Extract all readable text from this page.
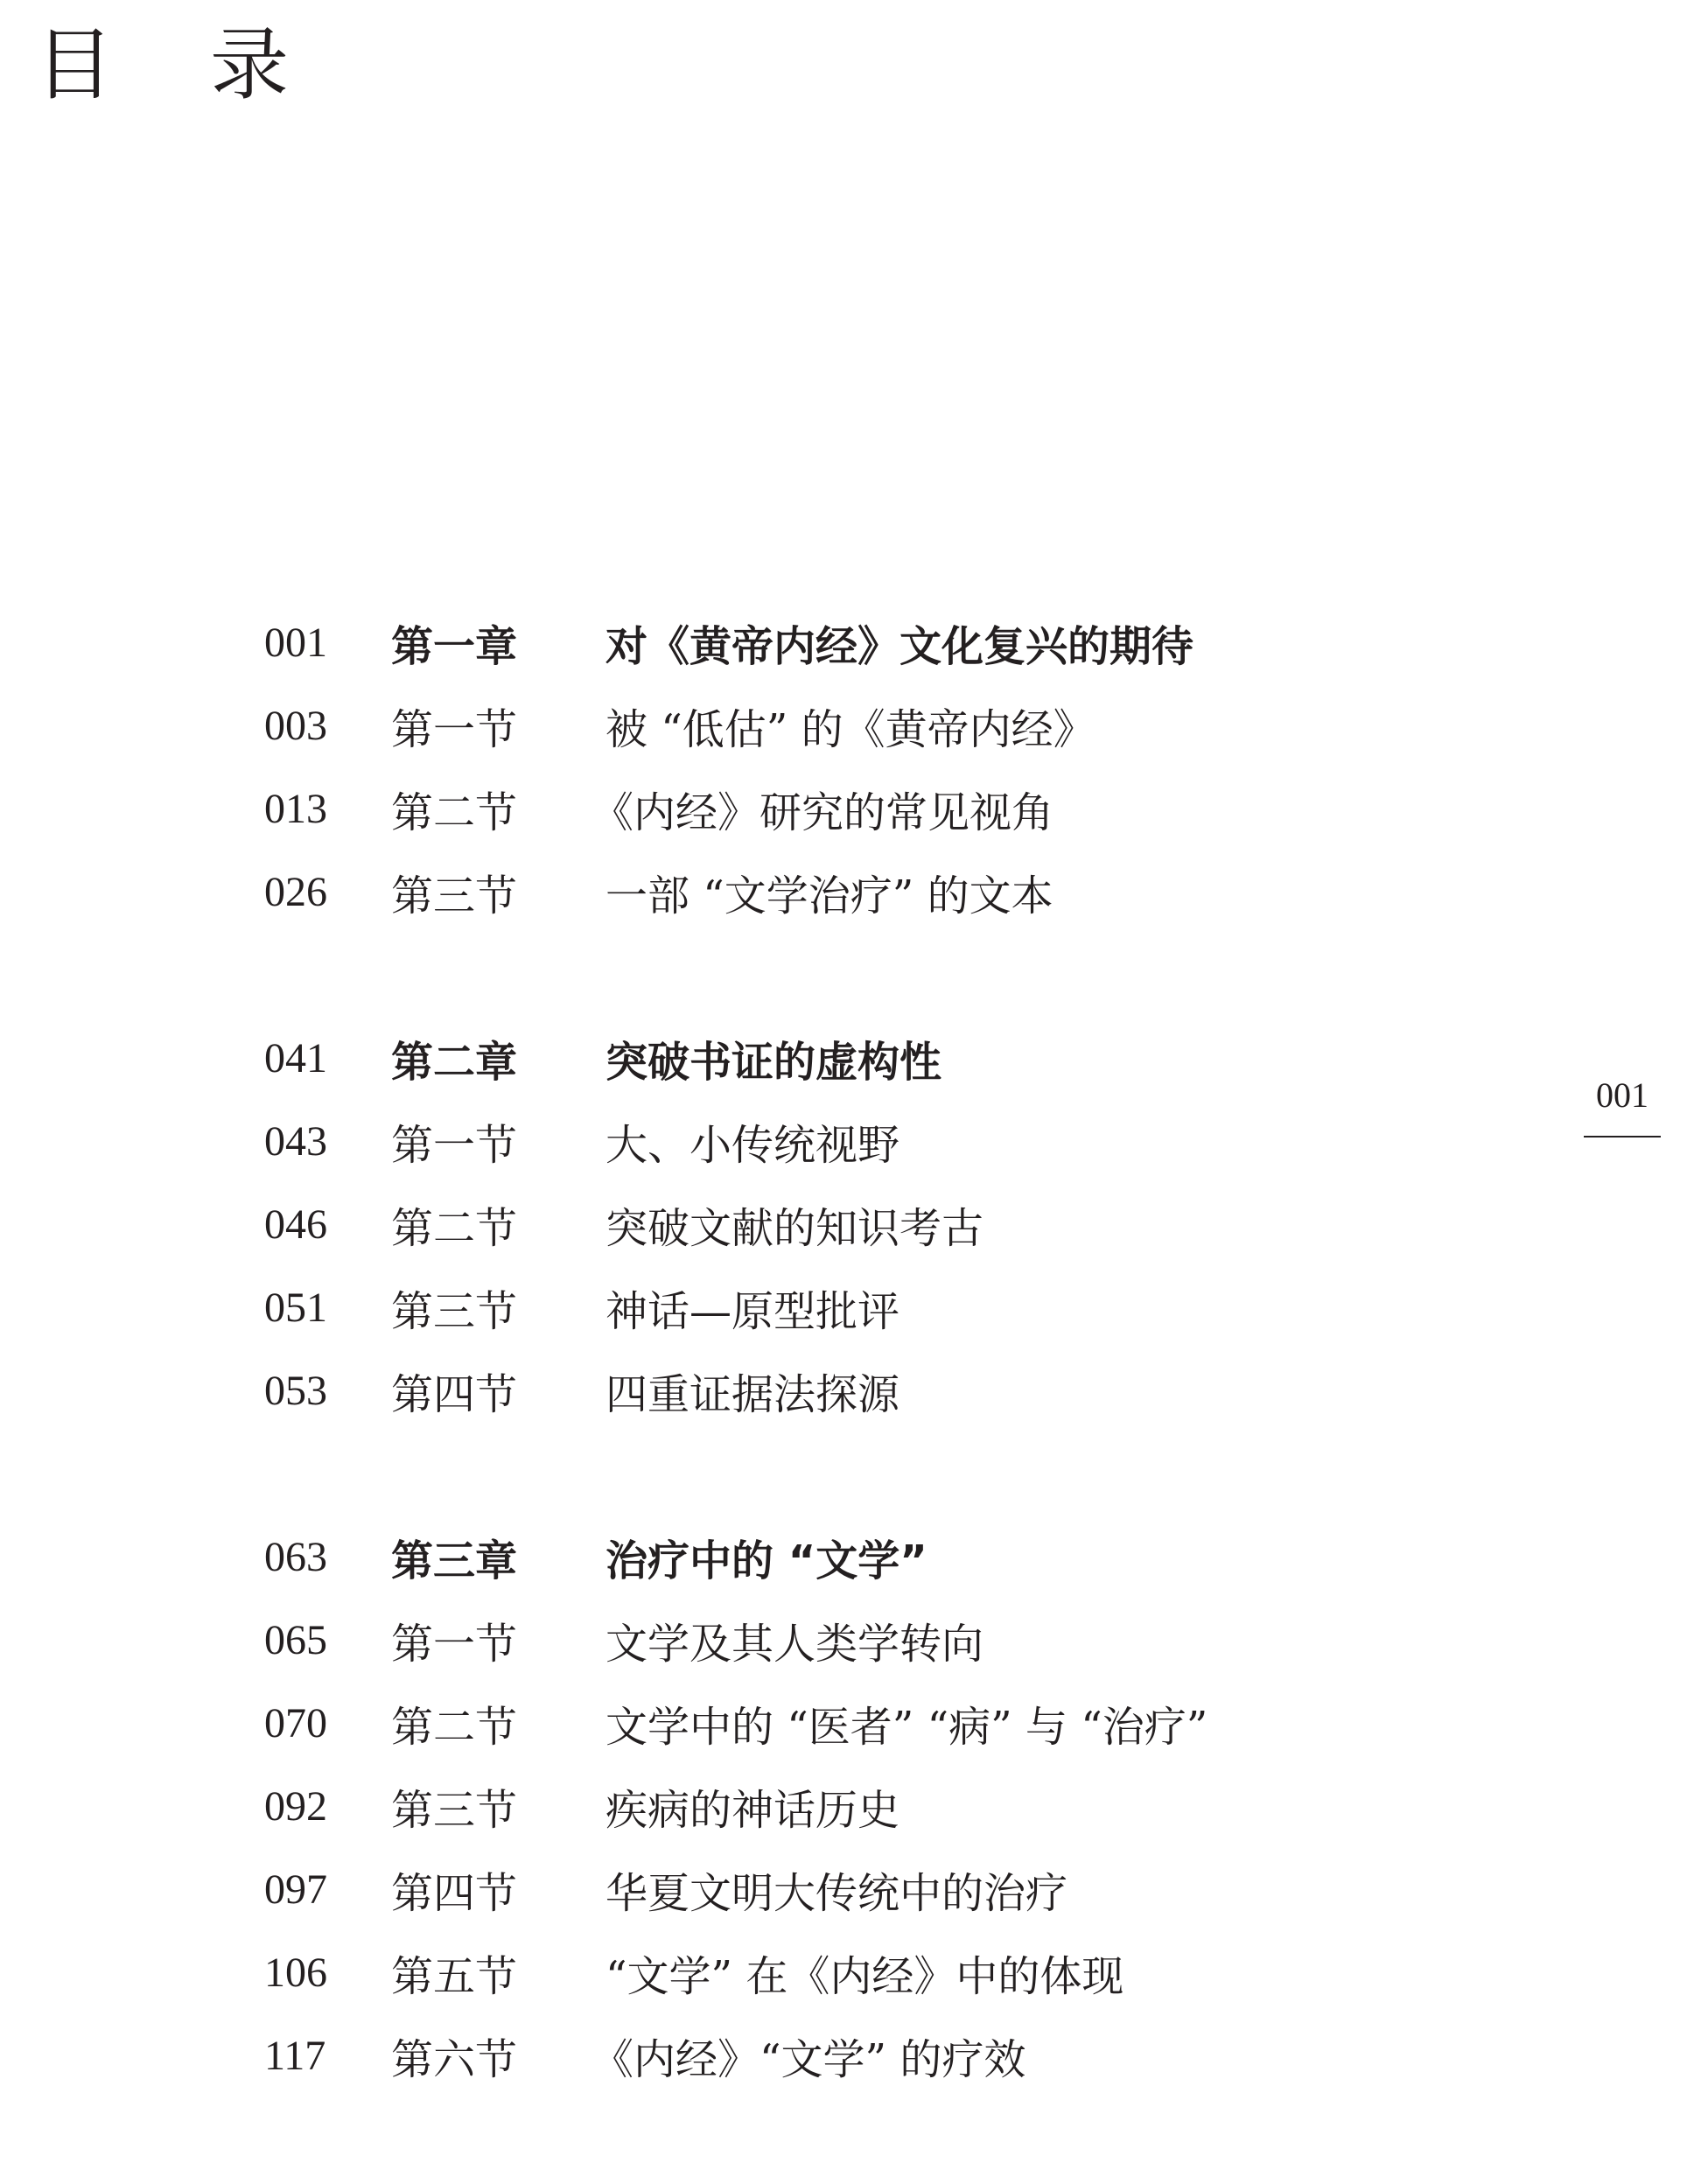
目录
001	第一章	对《黄帝内经》文化复兴的期待
003	第一节	被 “低估” 的《黄帝内经》
013	第二节	《内经》研究的常见视角
026	第三节	一部 “文学治疗” 的文本
041	第二章	突破书证的虚构性
043	第一节	大、小传统视野
046	第二节	突破文献的知识考古
051	第三节	神话—原型批评
053	第四节	四重证据法探源
063	第三章	治疗中的 “文学”
065	第一节	文学及其人类学转向
070	第二节	文学中的 “医者” “病” 与 “治疗”
092	第三节	疾病的神话历史
097	第四节	华夏文明大传统中的治疗
106	第五节	“文学” 在《内经》中的体现
117	第六节	《内经》“文学” 的疗效
001
